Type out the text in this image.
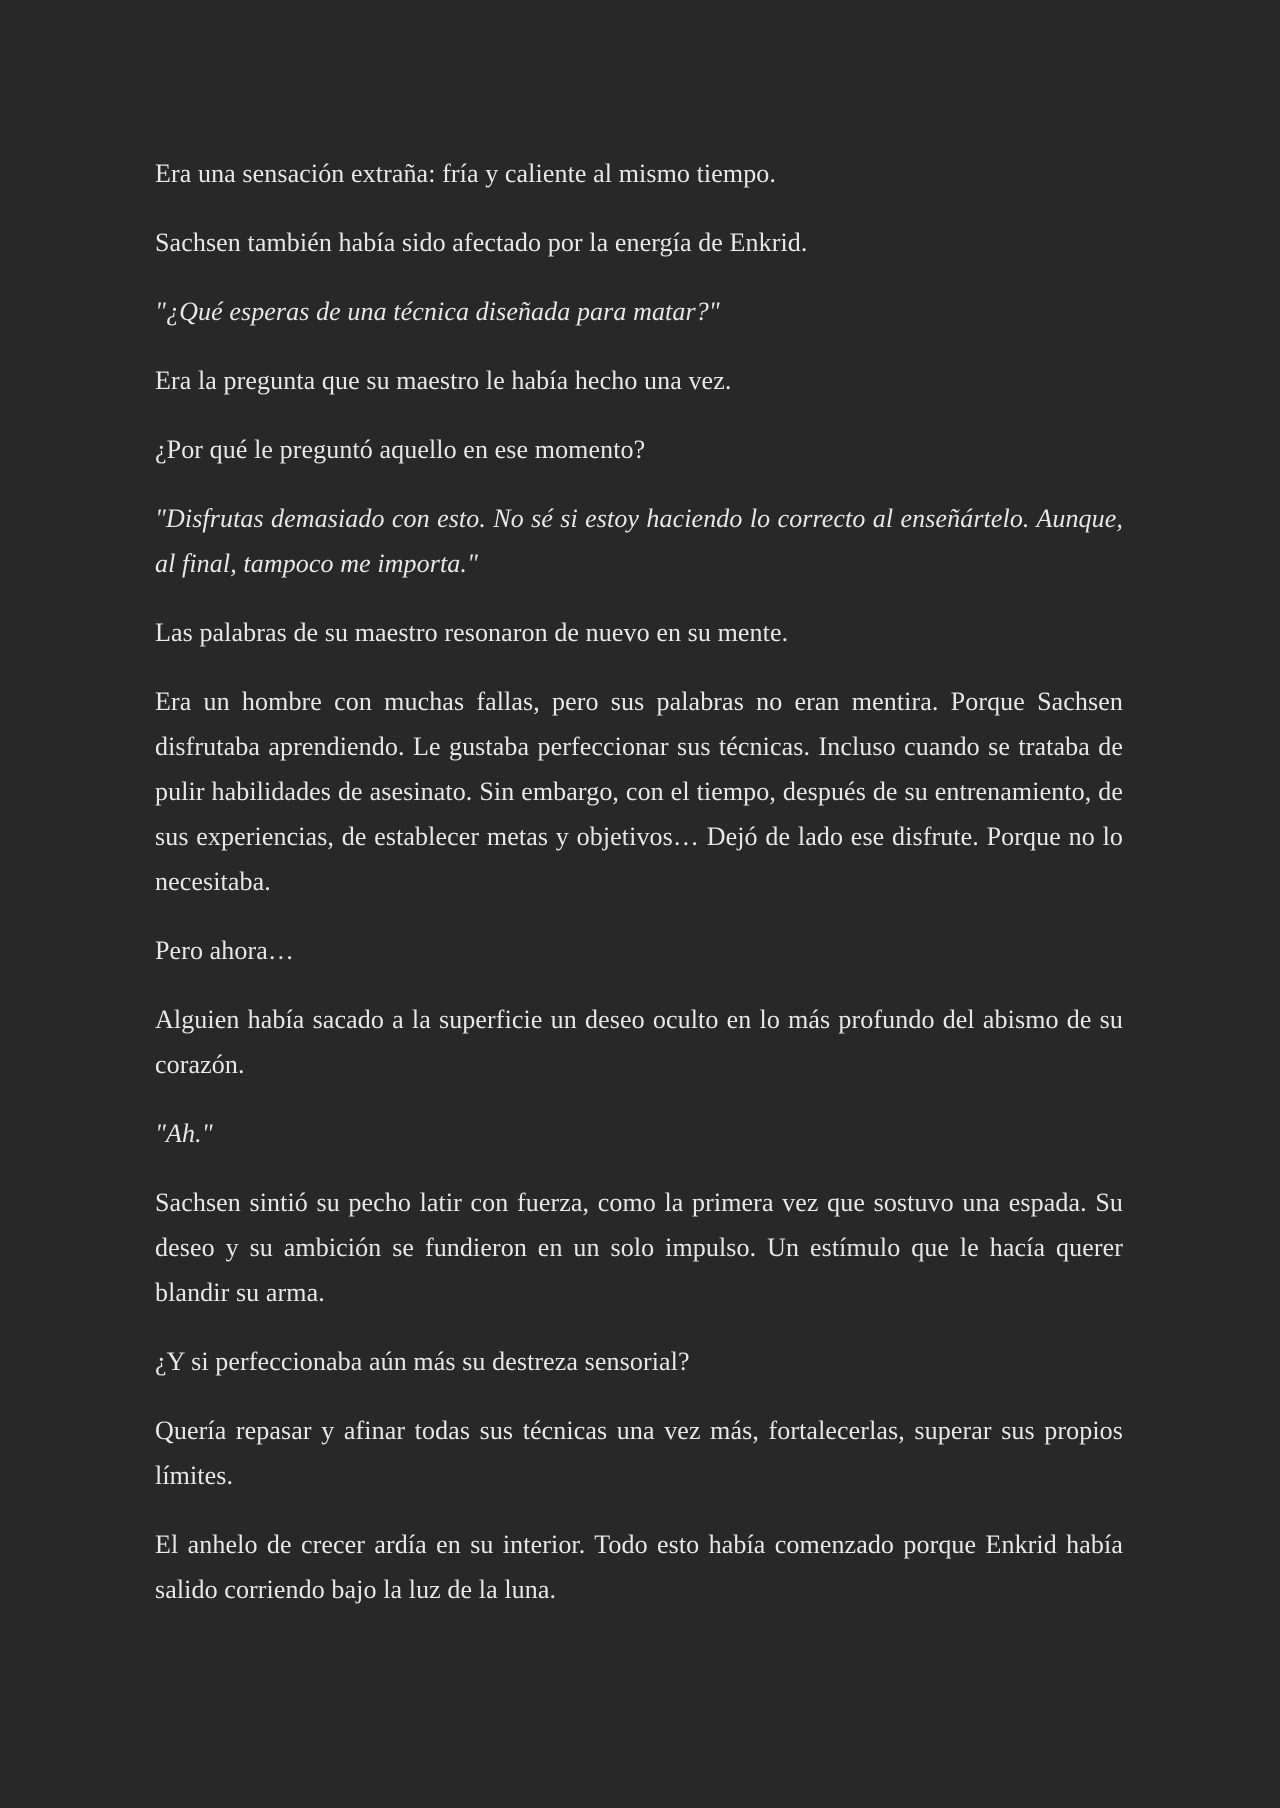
Era una sensación extraña: fría y caliente al mismo tiempo.
Sachsen también había sido afectado por la energía de Enkrid.
"¿Qué esperas de una técnica diseñada para matar?"
Era la pregunta que su maestro le había hecho una vez.
¿Por qué le preguntó aquello en ese momento?
"Disfrutas demasiado con esto. No sé si estoy haciendo lo correcto al enseñártelo. Aunque, al final, tampoco me importa."
Las palabras de su maestro resonaron de nuevo en su mente.
Era un hombre con muchas fallas, pero sus palabras no eran mentira. Porque Sachsen disfrutaba aprendiendo. Le gustaba perfeccionar sus técnicas. Incluso cuando se trataba de pulir habilidades de asesinato. Sin embargo, con el tiempo, después de su entrenamiento, de sus experiencias, de establecer metas y objetivos… Dejó de lado ese disfrute. Porque no lo necesitaba.
Pero ahora…
Alguien había sacado a la superficie un deseo oculto en lo más profundo del abismo de su corazón.
"Ah."
Sachsen sintió su pecho latir con fuerza, como la primera vez que sostuvo una espada. Su deseo y su ambición se fundieron en un solo impulso. Un estímulo que le hacía querer blandir su arma.
¿Y si perfeccionaba aún más su destreza sensorial?
Quería repasar y afinar todas sus técnicas una vez más, fortalecerlas, superar sus propios límites.
El anhelo de crecer ardía en su interior. Todo esto había comenzado porque Enkrid había salido corriendo bajo la luz de la luna.
